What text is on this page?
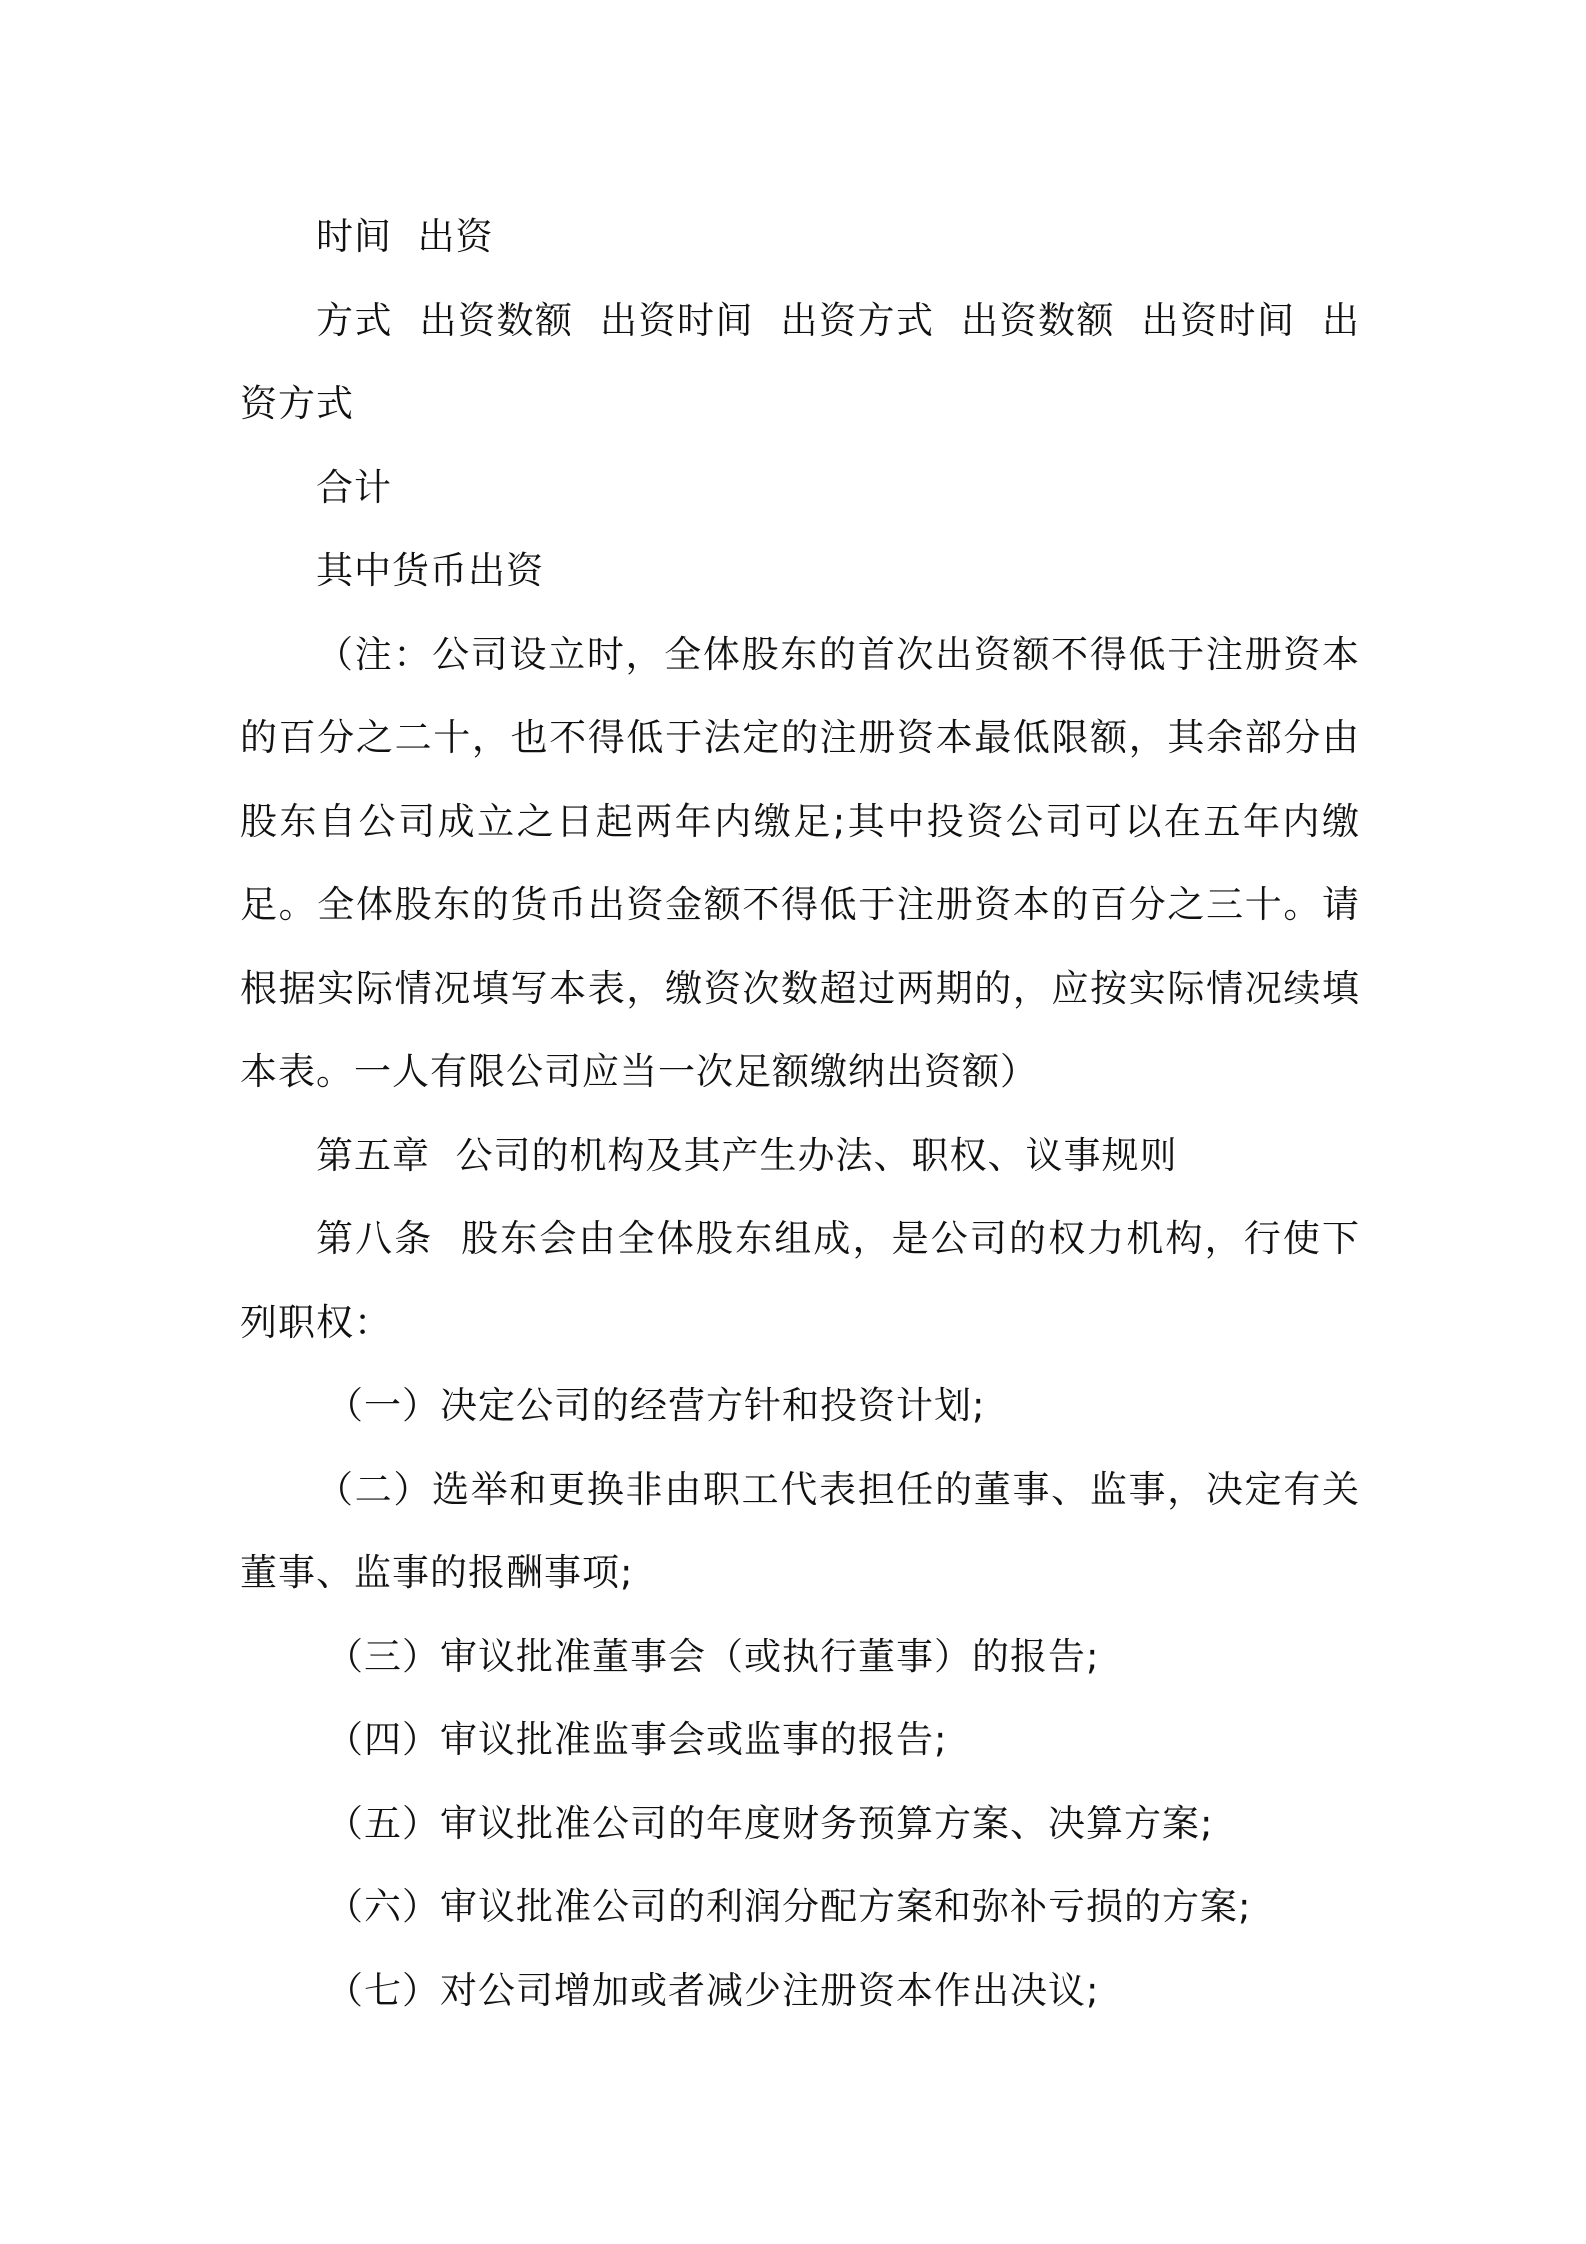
时间  出资

方式  出资数额  出资时间  出资方式  出资数额  出资时间  出资方式

合计

其中货币出资

（注：公司设立时，全体股东的首次出资额不得低于注册资本的百分之二十，也不得低于法定的注册资本最低限额，其余部分由股东自公司成立之日起两年内缴足;其中投资公司可以在五年内缴足。全体股东的货币出资金额不得低于注册资本的百分之三十。请根据实际情况填写本表，缴资次数超过两期的，应按实际情况续填本表。一人有限公司应当一次足额缴纳出资额）

第五章  公司的机构及其产生办法、职权、议事规则

第八条  股东会由全体股东组成，是公司的权力机构，行使下列职权：

（一）决定公司的经营方针和投资计划;

（二）选举和更换非由职工代表担任的董事、监事，决定有关董事、监事的报酬事项;

（三）审议批准董事会（或执行董事）的报告;

（四）审议批准监事会或监事的报告;

（五）审议批准公司的年度财务预算方案、决算方案;

（六）审议批准公司的利润分配方案和弥补亏损的方案;

（七）对公司增加或者减少注册资本作出决议;
